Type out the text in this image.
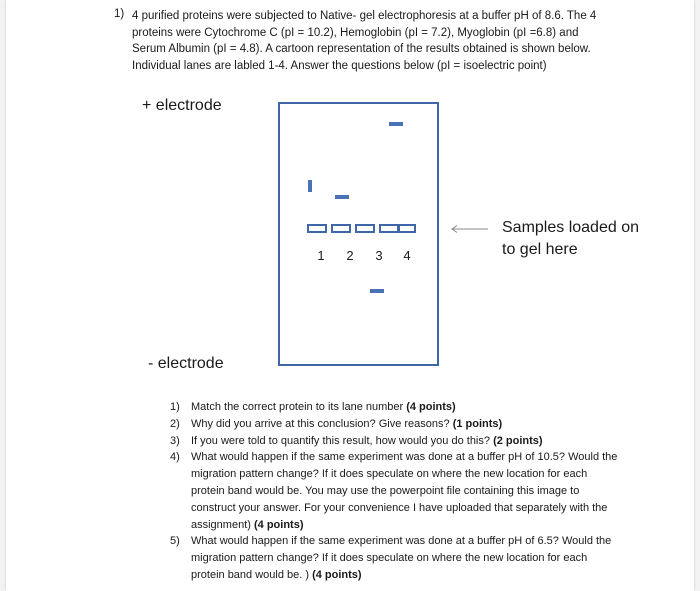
1) 4 purified proteins were subjected to Native- gel electrophoresis at a buffer pH of 8.6. The 4 proteins were Cytochrome C (pI = 10.2), Hemoglobin (pI = 7.2), Myoglobin (pI =6.8) and Serum Albumin (pI = 4.8). A cartoon representation of the results obtained is shown below. Individual lanes are labled 1-4. Answer the questions below (pI = isoelectric point)
+ electrode
- electrode
1 2 3 4
Samples loaded on to gel here
1) Match the correct protein to its lane number (4 points)
2) Why did you arrive at this conclusion? Give reasons? (1 points)
3) If you were told to quantify this result, how would you do this? (2 points)
4) What would happen if the same experiment was done at a buffer pH of 10.5? Would the migration pattern change? If it does speculate on where the new location for each protein band would be. You may use the powerpoint file containing this image to construct your answer. For your convenience I have uploaded that separately with the assignment) (4 points)
5) What would happen if the same experiment was done at a buffer pH of 6.5? Would the migration pattern change? If it does speculate on where the new location for each protein band would be. ) (4 points)
